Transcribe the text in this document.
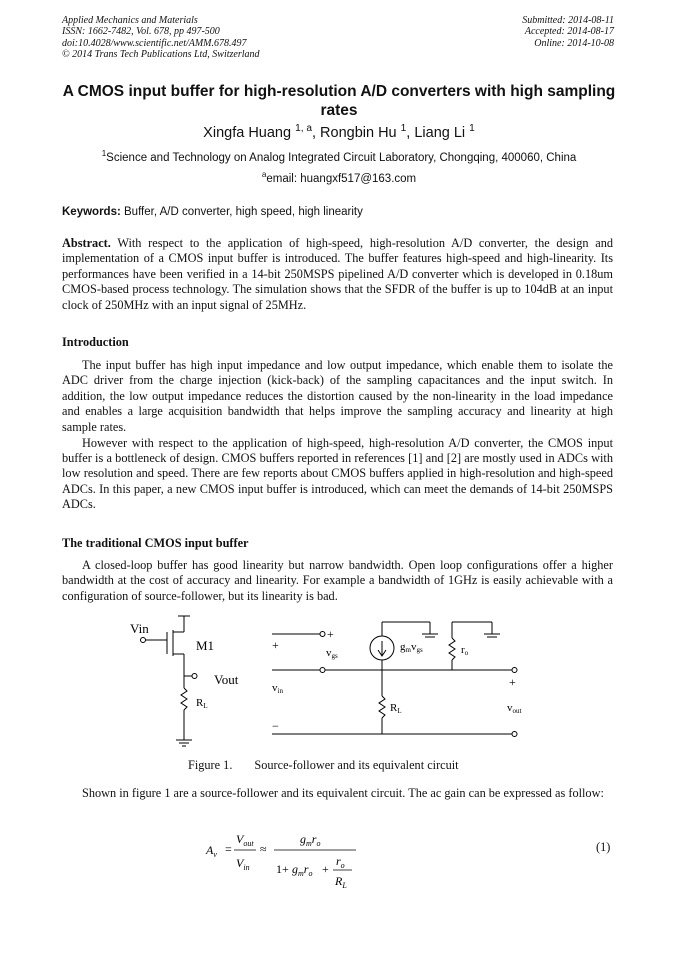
Applied Mechanics and Materials
ISSN: 1662-7482, Vol. 678, pp 497-500
doi:10.4028/www.scientific.net/AMM.678.497
© 2014 Trans Tech Publications Ltd, Switzerland
Submitted: 2014-08-11
Accepted: 2014-08-17
Online: 2014-10-08
A CMOS input buffer for high-resolution A/D converters with high sampling rates
Xingfa Huang $^{1, a}$, Rongbin Hu $^1$, Liang Li $^1$
$^1$Science and Technology on Analog Integrated Circuit Laboratory, Chongqing, 400060, China
$^a$email: huangxf517@163.com
Keywords: Buffer, A/D converter, high speed, high linearity

Abstract. With respect to the application of high-speed, high-resolution A/D converter, the design and implementation of a CMOS input buffer is introduced. The buffer features high-speed and high-linearity. Its performances have been verified in a 14-bit 250MSPS pipelined A/D converter which is developed in 0.18um CMOS-based process technology. The simulation shows that the SFDR of the buffer is up to 104dB at an input clock of 250MHz with an input signal of 25MHz.

Introduction

The input buffer has high input impedance and low output impedance, which enable them to isolate the ADC driver from the charge injection (kick-back) of the sampling capacitances and the input switch. In addition, the low output impedance reduces the distortion caused by the non-linearity in the load impedance and enables a large acquisition bandwidth that helps improve the sampling accuracy and linearity at high sample rates.

However with respect to the application of high-speed, high-resolution A/D converter, the CMOS input buffer is a bottleneck of design. CMOS buffers reported in references [1] and [2] are mostly used in ADCs with low resolution and speed. There are few reports about CMOS buffers applied in high-resolution and high-speed ADCs. In this paper, a new CMOS input buffer is introduced, which can meet the demands of 14-bit 250MSPS ADCs.

The traditional CMOS input buffer

A closed-loop buffer has good linearity but narrow bandwidth. Open loop configurations offer a higher bandwidth at the cost of accuracy and linearity. For example a bandwidth of 1GHz is easily achievable with a configuration of source-follower, but its linearity is bad.

Vin
M1
Vout
RL
+
+
−
−
−
vgs
gmvgs	ro
vin
RL
+
vout
Figure 1. Source-follower and its equivalent circuit

Shown in figure 1 are a source-follower and its equivalent circuit. The ac gain can be expressed as follow:

$A_v$ =
$V_{out}$
$V_{in}$
≈
$g_mr_o$
$1+ g_mr_o$ +
$r_o$
$R_L$
(1)
